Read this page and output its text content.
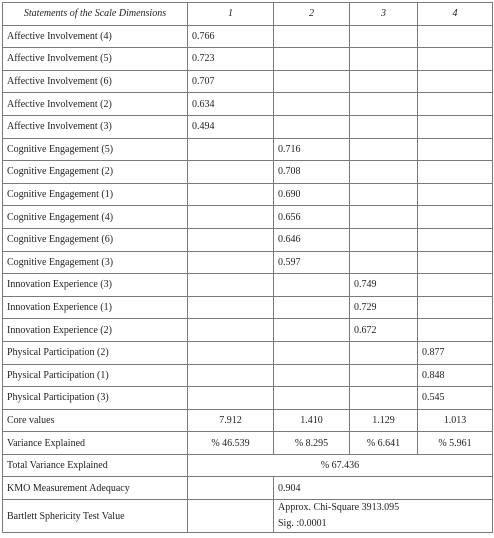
Statements of the Scale Dimensions	1	2	3	4
Affective Involvement (4)	0.766			
Affective Involvement (5)	0.723			
Affective Involvement (6)	0.707			
Affective Involvement (2)	0.634			
Affective Involvement (3)	0.494			
Cognitive Engagement (5)		0.716		
Cognitive Engagement (2)		0.708		
Cognitive Engagement (1)		0.690		
Cognitive Engagement (4)		0.656		
Cognitive Engagement (6)		0.646		
Cognitive Engagement (3)		0.597		
Innovation Experience (3)			0.749	
Innovation Experience (1)			0.729	
Innovation Experience (2)			0.672	
Physical Participation (2)				0.877
Physical Participation (1)				0.848
Physical Participation (3)				0.545
Core values	7.912	1.410	1.129	1.013
Variance Explained	% 46.539	% 8.295	% 6.641	% 5.961
Total Variance Explained	% 67.436			
KMO Measurement Adequacy		0.904		
Bartlett Sphericity Test Value		Approx. Chi-Square 3913.095
Sig. :0.0001		
